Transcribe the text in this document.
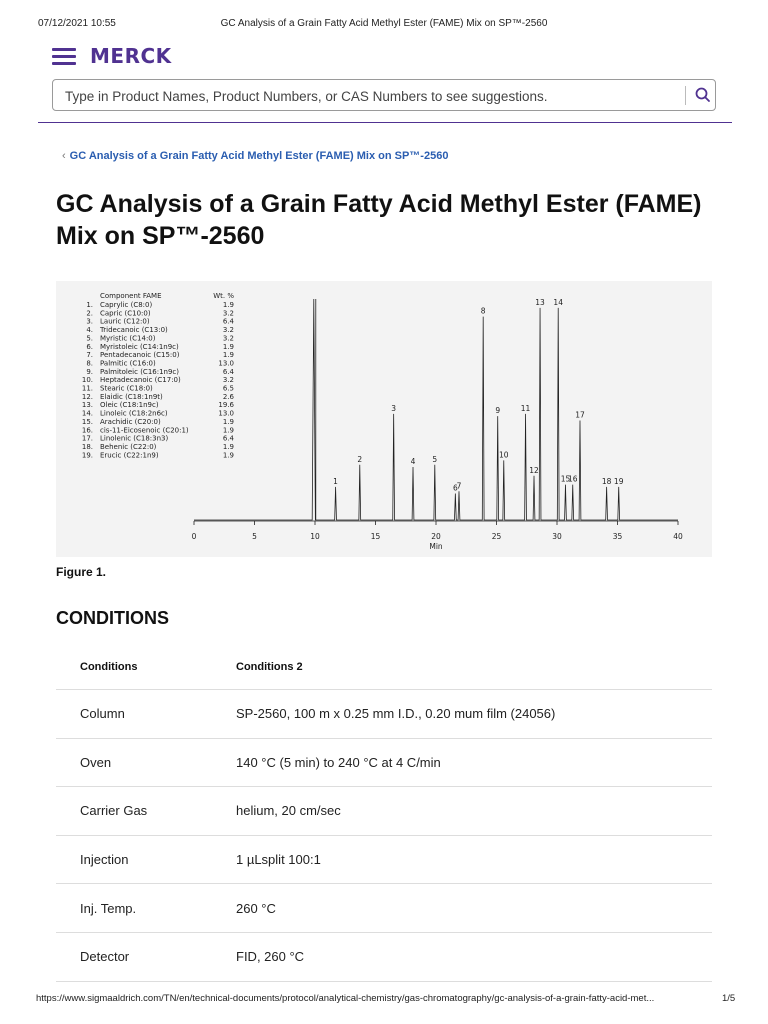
07/12/2021 10:55	GC Analysis of a Grain Fatty Acid Methyl Ester (FAME) Mix on SP™-2560
MERCK
Type in Product Names, Product Numbers, or CAS Numbers to see suggestions.
‹ GC Analysis of a Grain Fatty Acid Methyl Ester (FAME) Mix on SP™-2560
GC Analysis of a Grain Fatty Acid Methyl Ester (FAME) Mix on SP™-2560
Component FAME	Wt. %
1. Caprylic (C8:0)	1.9
2. Capric (C10:0)	3.2
3. Lauric (C12:0)	6.4
4. Tridecanoic (C13:0)	3.2
5. Myristic (C14:0)	3.2
6. Myristoleic (C14:1n9c)	1.9
7. Pentadecanoic (C15:0)	1.9
8. Palmitic (C16:0)	13.0
9. Palmitoleic (C16:1n9c)	6.4
10. Heptadecanoic (C17:0)	3.2
11. Stearic (C18:0)	6.5
12. Elaidic (C18:1n9t)	2.6
13. Oleic (C18:1n9c)	19.6
14. Linoleic (C18:2n6c)	13.0
15. Arachidic (C20:0)	1.9
16. cis-11-Eicosenoic (C20:1)	1.9
17. Linolenic (C18:3n3)	6.4
18. Behenic (C22:0)	1.9
19. Erucic (C22:1n9)	1.9
1
2
3
4 5
6
7
8
9
10
11
12
13 14
15
16
17
18 19
0	5	10	15	20	25	30	35	40
Min
Figure 1.
CONDITIONS
Conditions	Conditions 2
Column	SP-2560, 100 m x 0.25 mm I.D., 0.20 mum film (24056)
Oven	140 °C (5 min) to 240 °C at 4 C/min
Carrier Gas	helium, 20 cm/sec
Injection	1 µLsplit 100:1
Inj. Temp.	260 °C
Detector	FID, 260 °C
https://www.sigmaaldrich.com/TN/en/technical-documents/protocol/analytical-chemistry/gas-chromatography/gc-analysis-of-a-grain-fatty-acid-met...	1/5
